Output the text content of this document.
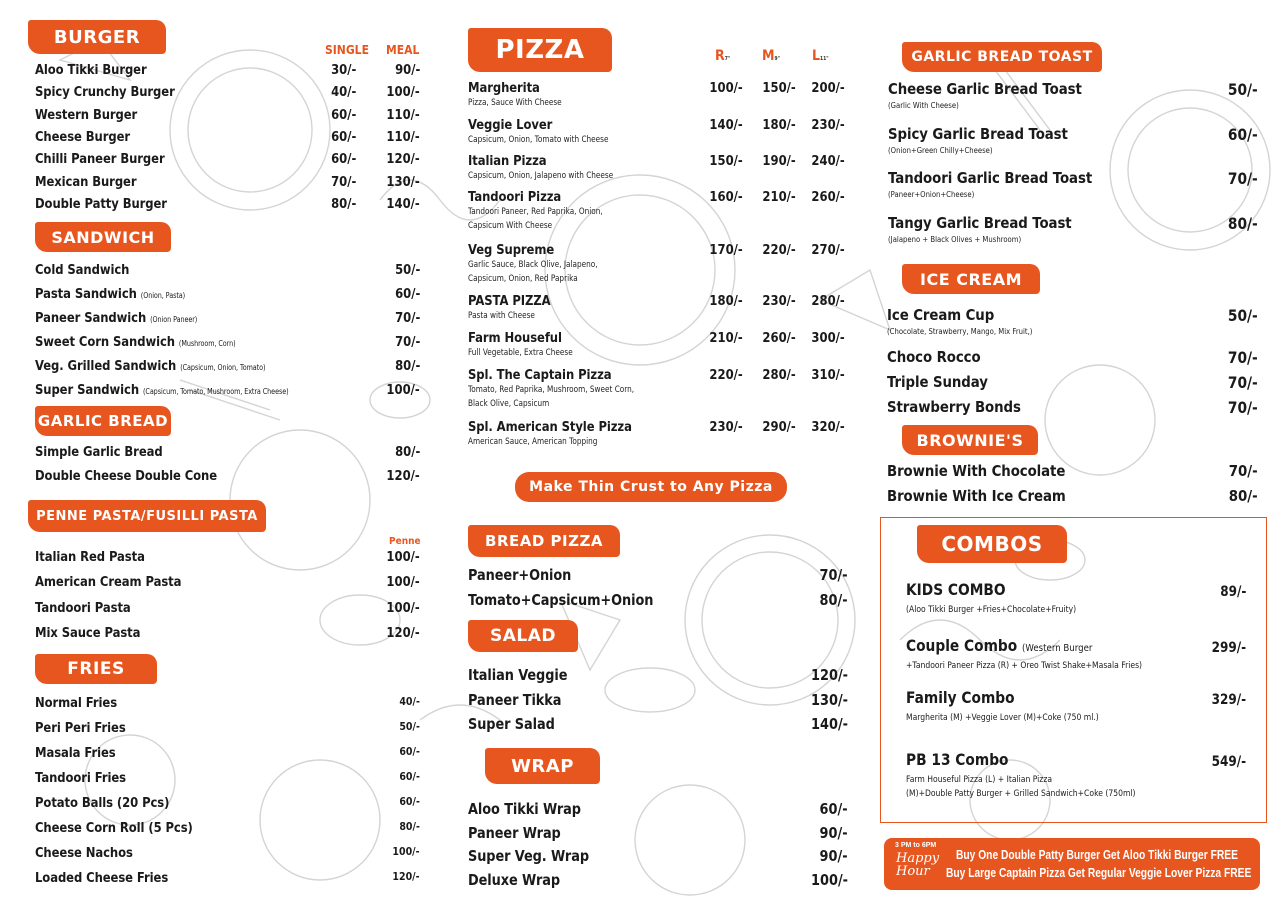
BURGER
SINGLE MEAL
Aloo Tikki Burger	30/-	90/-
Spicy Crunchy Burger	40/- 100/-
Western Burger	60/- 110/-
Cheese Burger	60/- 110/-
Chilli Paneer Burger	60/- 120/-
Mexican Burger	70/- 130/-
Double Patty Burger	80/- 140/-
SANDWICH
Cold Sandwich	50/-
Pasta Sandwich (Onion, Pasta)	60/-
Paneer Sandwich (Onion Paneer)	70/-
Sweet Corn Sandwich (Mushroom, Corn)	70/-
Veg. Grilled Sandwich (Capsicum, Onion, Tomato)	80/-
Super Sandwich (Capsicum, Tomato, Mushroom, Extra Cheese)	100/-
GARLIC BREAD
Simple Garlic Bread	80/-
Double Cheese Double Cone	120/-
PENNE PASTA/FUSILLI PASTA
Penne
Italian Red Pasta	100/-
American Cream Pasta	100/-
Tandoori Pasta	100/-
Mix Sauce Pasta	120/-
FRIES
Normal Fries	40/-
Peri Peri Fries	50/-
Masala Fries	60/-
Tandoori Fries	60/-
Potato Balls (20 Pcs)	60/-
Cheese Corn Roll (5 Pcs)	80/-
Cheese Nachos	100/-
Loaded Cheese Fries	120/-
PIZZA	R7" M9" L11"
Margherita
Pizza, Sauce With Cheese
100/- 150/- 200/-
Veggie Lover
Capsicum, Onion, Tomato with Cheese
140/- 180/- 230/-
Italian Pizza
Capsicum, Onion, Jalapeno with Cheese
150/- 190/- 240/-
Tandoori Pizza
Tandoori Paneer, Red Paprika, Onion,
Capsicum With Cheese
160/- 210/- 260/-
Veg Supreme
Garlic Sauce, Black Olive, Jalapeno,
Capsicum, Onion, Red Paprika
170/- 220/- 270/-
PASTA PIZZA
Pasta with Cheese
180/- 230/- 280/-
Farm Houseful
Full Vegetable, Extra Cheese
210/- 260/- 300/-
Spl. The Captain Pizza
Tomato, Red Paprika, Mushroom, Sweet Corn,
Black Olive, Capsicum
220/- 280/- 310/-
Spl. American Style Pizza
American Sauce, American Topping
230/- 290/- 320/-
Make Thin Crust to Any Pizza
BREAD PIZZA
Paneer+Onion	70/-
Tomato+Capsicum+Onion	80/-
SALAD
Italian Veggie	120/-
Paneer Tikka	130/-
Super Salad	140/-
WRAP
Aloo Tikki Wrap	60/-
Paneer Wrap	90/-
Super Veg. Wrap	90/-
Deluxe Wrap	100/-
GARLIC BREAD TOAST
Cheese Garlic Bread Toast
(Garlic With Cheese)
50/-
Spicy Garlic Bread Toast
(Onion+Green Chilly+Cheese)
60/-
Tandoori Garlic Bread Toast
(Paneer+Onion+Cheese)
70/-
Tangy Garlic Bread Toast
(Jalapeno + Black Olives + Mushroom)
80/-
ICE CREAM
Ice Cream Cup
(Chocolate, Strawberry, Mango, Mix Fruit,)
50/-
Choco Rocco	70/-
Triple Sunday	70/-
Strawberry Bonds	70/-
BROWNIE'S
Brownie With Chocolate	70/-
Brownie With Ice Cream	80/-
COMBOS
KIDS COMBO
(Aloo Tikki Burger +Fries+Chocolate+Fruity)
89/-
Couple Combo (Western Burger
+Tandoori Paneer Pizza (R) + Oreo Twist Shake+Masala Fries)
299/-
Family Combo
Margherita (M) +Veggie Lover (M)+Coke (750 ml.)
329/-
PB 13 Combo
Farm Houseful Pizza (L) + Italian Pizza
(M)+Double Patty Burger + Grilled Sandwich+Coke (750ml)
549/-
3 PM to 6PM
Happy
Hour
Buy One Double Patty Burger Get Aloo Tikki Burger FREE
Buy Large Captain Pizza Get Regular Veggie Lover Pizza FREE
